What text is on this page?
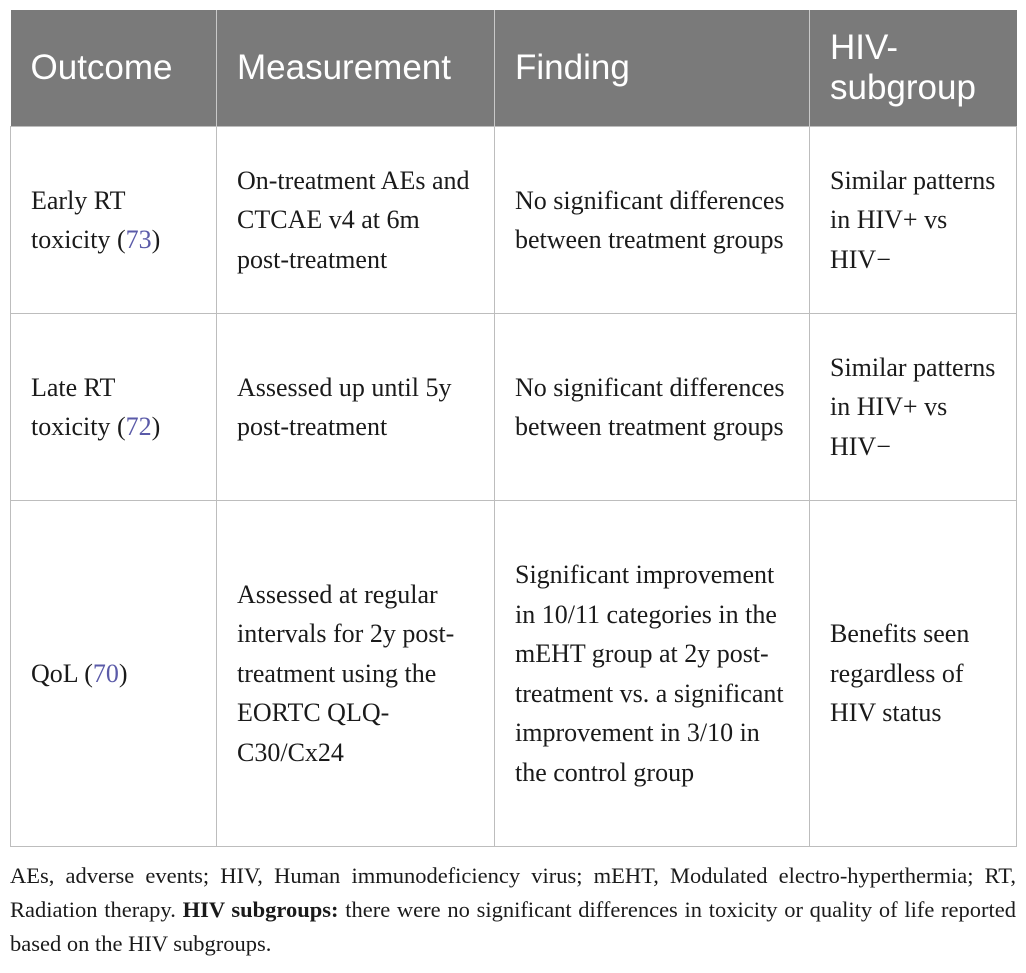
Outcome	Measurement	Finding	HIV-subgroup
Early RT toxicity (73)	On-treatment AEs and CTCAE v4 at 6m post-treatment	No significant differences between treatment groups	Similar patterns in HIV+ vs HIV−
Late RT toxicity (72)	Assessed up until 5y post-treatment	No significant differences between treatment groups	Similar patterns in HIV+ vs HIV−
QoL (70)	Assessed at regular intervals for 2y post-treatment using the EORTC QLQ-C30/Cx24	Significant improvement in 10/11 categories in the mEHT group at 2y post-treatment vs. a significant improvement in 3/10 in the control group	Benefits seen regardless of HIV status
AEs, adverse events; HIV, Human immunodeficiency virus; mEHT, Modulated electro-hyperthermia; RT, Radiation therapy. HIV subgroups: there were no significant differences in toxicity or quality of life reported based on the HIV subgroups.
